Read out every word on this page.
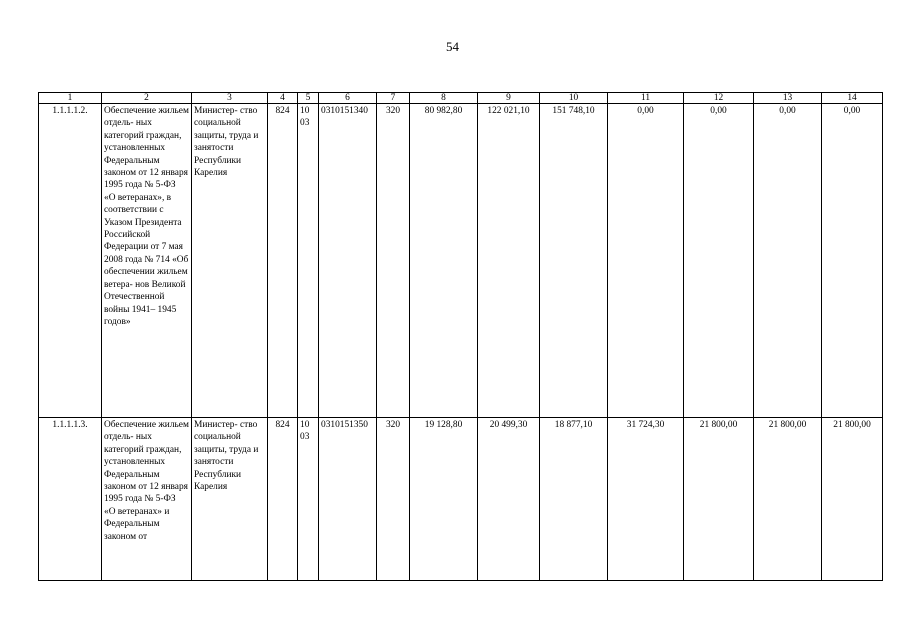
54
1	2	3	4	5	6	7	8	9	10	11	12	13	14
1.1.1.1.2.	Обеспечение жильем отдель- ных категорий граждан, установленных Федеральным законом от 12 января 1995 года № 5-ФЗ «О ветеранах», в соответствии с Указом Президента Российской Федерации от 7 мая 2008 года № 714 «Об обеспечении жильем ветера- нов Великой Отечественной войны 1941– 1945 годов»	Министер- ство социальной защиты, труда и занятости Республики Карелия	824	10 03	0310151340	320	80 982,80	122 021,10	151 748,10	0,00	0,00	0,00	0,00
1.1.1.1.3.	Обеспечение жильем отдель- ных категорий граждан, установленных Федеральным законом от 12 января 1995 года № 5-ФЗ «О ветеранах» и Федеральным законом от	Министер- ство социальной защиты, труда и занятости Республики Карелия	824	10 03	0310151350	320	19 128,80	20 499,30	18 877,10	31 724,30	21 800,00	21 800,00	21 800,00
